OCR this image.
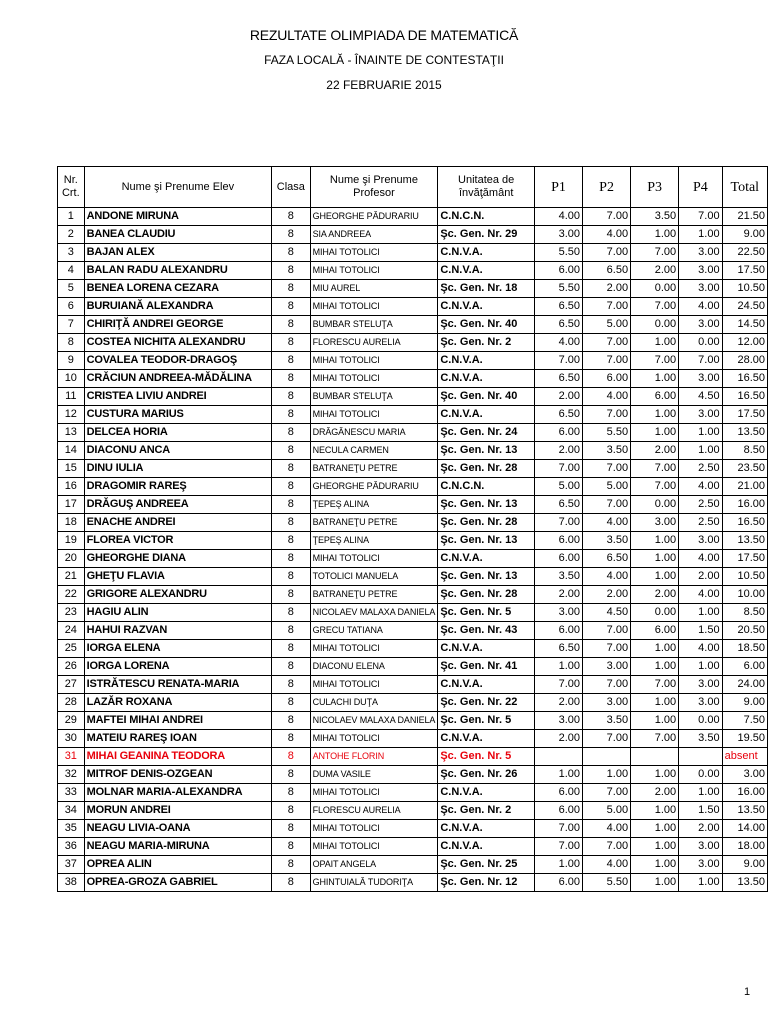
REZULTATE OLIMPIADA DE MATEMATICĂ
FAZA LOCALĂ - ÎNAINTE DE CONTESTAŢII
22 FEBRUARIE 2015
Nr. Crt.	Nume şi Prenume Elev	Clasa	Nume şi Prenume Profesor	Unitatea de învăţământ	P1	P2	P3	P4	Total
1	ANDONE MIRUNA	8	GHEORGHE PĂDURARIU	C.N.C.N.	4.00	7.00	3.50	7.00	21.50
2	BANEA CLAUDIU	8	SIA ANDREEA	Şc. Gen. Nr. 29	3.00	4.00	1.00	1.00	9.00
3	BAJAN ALEX	8	MIHAI TOTOLICI	C.N.V.A.	5.50	7.00	7.00	3.00	22.50
4	BALAN RADU ALEXANDRU	8	MIHAI TOTOLICI	C.N.V.A.	6.00	6.50	2.00	3.00	17.50
5	BENEA LORENA CEZARA	8	MIU AUREL	Şc. Gen. Nr. 18	5.50	2.00	0.00	3.00	10.50
6	BURUIANĂ ALEXANDRA	8	MIHAI TOTOLICI	C.N.V.A.	6.50	7.00	7.00	4.00	24.50
7	CHIRIŢĂ ANDREI GEORGE	8	BUMBAR STELUŢA	Şc. Gen. Nr. 40	6.50	5.00	0.00	3.00	14.50
8	COSTEA NICHITA ALEXANDRU	8	FLORESCU AURELIA	Şc. Gen. Nr. 2	4.00	7.00	1.00	0.00	12.00
9	COVALEA TEODOR-DRAGOŞ	8	MIHAI TOTOLICI	C.N.V.A.	7.00	7.00	7.00	7.00	28.00
10	CRĂCIUN ANDREEA-MĂDĂLINA	8	MIHAI TOTOLICI	C.N.V.A.	6.50	6.00	1.00	3.00	16.50
11	CRISTEA LIVIU ANDREI	8	BUMBAR STELUŢA	Şc. Gen. Nr. 40	2.00	4.00	6.00	4.50	16.50
12	CUSTURA MARIUS	8	MIHAI TOTOLICI	C.N.V.A.	6.50	7.00	1.00	3.00	17.50
13	DELCEA HORIA	8	DRĂGĂNESCU MARIA	Şc. Gen. Nr. 24	6.00	5.50	1.00	1.00	13.50
14	DIACONU ANCA	8	NECULA CARMEN	Şc. Gen. Nr. 13	2.00	3.50	2.00	1.00	8.50
15	DINU IULIA	8	BATRANEŢU PETRE	Şc. Gen. Nr. 28	7.00	7.00	7.00	2.50	23.50
16	DRAGOMIR RAREŞ	8	GHEORGHE PĂDURARIU	C.N.C.N.	5.00	5.00	7.00	4.00	21.00
17	DRĂGUŞ ANDREEA	8	ŢEPEŞ ALINA	Şc. Gen. Nr. 13	6.50	7.00	0.00	2.50	16.00
18	ENACHE ANDREI	8	BATRANEŢU PETRE	Şc. Gen. Nr. 28	7.00	4.00	3.00	2.50	16.50
19	FLOREA VICTOR	8	ŢEPEŞ ALINA	Şc. Gen. Nr. 13	6.00	3.50	1.00	3.00	13.50
20	GHEORGHE DIANA	8	MIHAI TOTOLICI	C.N.V.A.	6.00	6.50	1.00	4.00	17.50
21	GHEŢU FLAVIA	8	TOTOLICI MANUELA	Şc. Gen. Nr. 13	3.50	4.00	1.00	2.00	10.50
22	GRIGORE ALEXANDRU	8	BATRANEŢU PETRE	Şc. Gen. Nr. 28	2.00	2.00	2.00	4.00	10.00
23	HAGIU ALIN	8	NICOLAEV MALAXA DANIELA	Şc. Gen. Nr. 5	3.00	4.50	0.00	1.00	8.50
24	HAHUI RAZVAN	8	GRECU TATIANA	Şc. Gen. Nr. 43	6.00	7.00	6.00	1.50	20.50
25	IORGA ELENA	8	MIHAI TOTOLICI	C.N.V.A.	6.50	7.00	1.00	4.00	18.50
26	IORGA LORENA	8	DIACONU ELENA	Şc. Gen. Nr. 41	1.00	3.00	1.00	1.00	6.00
27	ISTRĂTESCU RENATA-MARIA	8	MIHAI TOTOLICI	C.N.V.A.	7.00	7.00	7.00	3.00	24.00
28	LAZĂR ROXANA	8	CULACHI DUŢA	Şc. Gen. Nr. 22	2.00	3.00	1.00	3.00	9.00
29	MAFTEI MIHAI ANDREI	8	NICOLAEV MALAXA DANIELA	Şc. Gen. Nr. 5	3.00	3.50	1.00	0.00	7.50
30	MATEIU RAREŞ IOAN	8	MIHAI TOTOLICI	C.N.V.A.	2.00	7.00	7.00	3.50	19.50
31	MIHAI GEANINA TEODORA	8	ANTOHE FLORIN	Şc. Gen. Nr. 5					absent
32	MITROF DENIS-OZGEAN	8	DUMA VASILE	Şc. Gen. Nr. 26	1.00	1.00	1.00	0.00	3.00
33	MOLNAR MARIA-ALEXANDRA	8	MIHAI TOTOLICI	C.N.V.A.	6.00	7.00	2.00	1.00	16.00
34	MORUN ANDREI	8	FLORESCU AURELIA	Şc. Gen. Nr. 2	6.00	5.00	1.00	1.50	13.50
35	NEAGU LIVIA-OANA	8	MIHAI TOTOLICI	C.N.V.A.	7.00	4.00	1.00	2.00	14.00
36	NEAGU MARIA-MIRUNA	8	MIHAI TOTOLICI	C.N.V.A.	7.00	7.00	1.00	3.00	18.00
37	OPREA ALIN	8	OPAIT ANGELA	Şc. Gen. Nr. 25	1.00	4.00	1.00	3.00	9.00
38	OPREA-GROZA GABRIEL	8	GHINTUIALĂ TUDORIŢA	Şc. Gen. Nr. 12	6.00	5.50	1.00	1.00	13.50
1
